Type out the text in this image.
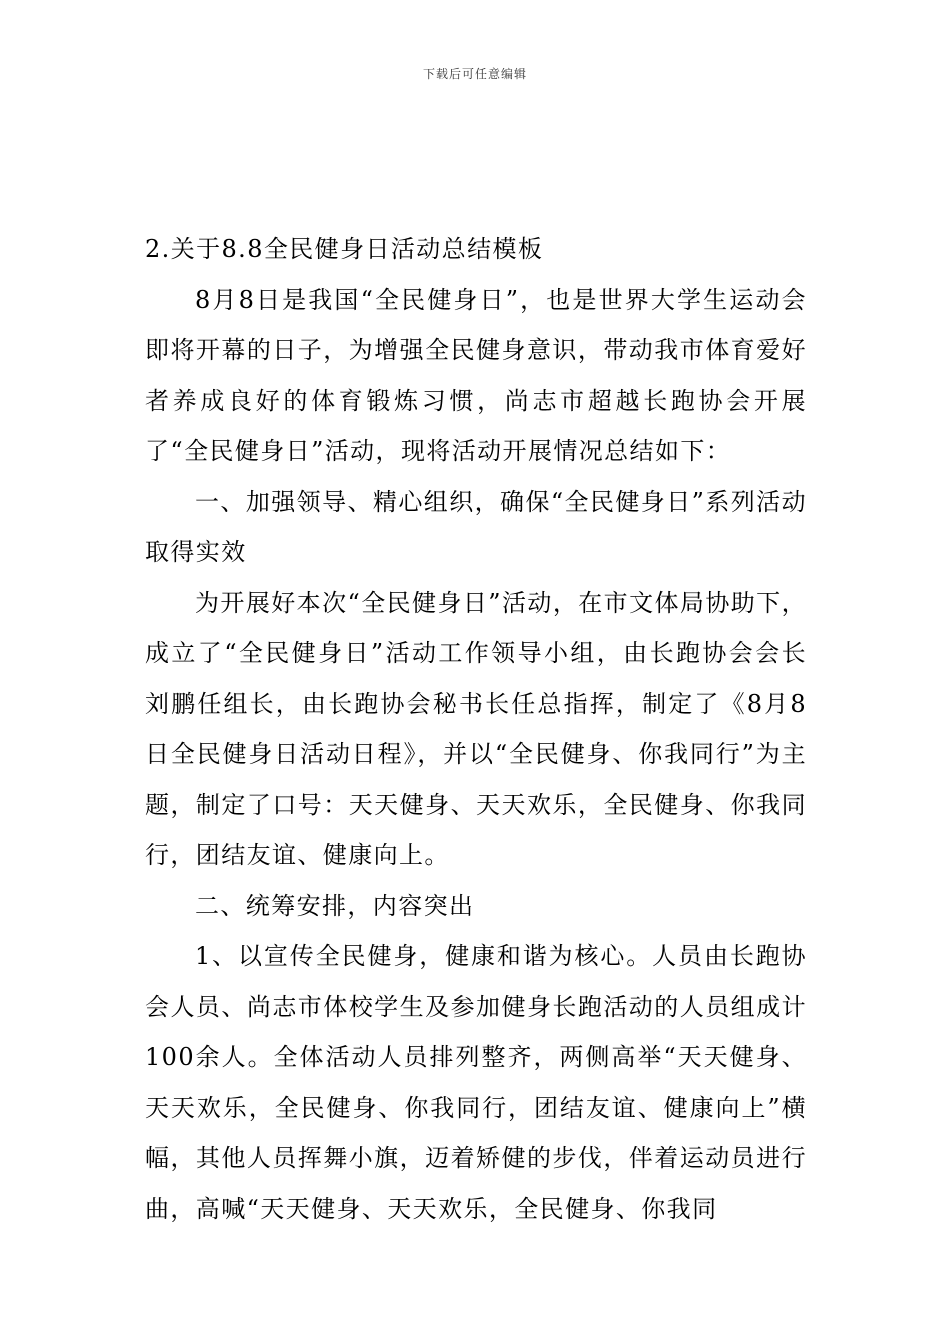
下载后可任意编辑

2.关于8.8全民健身日活动总结模板

8月8日是我国“全民健身日”，也是世界大学生运动会即将开幕的日子，为增强全民健身意识，带动我市体育爱好者养成良好的体育锻炼习惯，尚志市超越长跑协会开展了“全民健身日”活动，现将活动开展情况总结如下：

一、加强领导、精心组织，确保“全民健身日”系列活动取得实效

为开展好本次“全民健身日”活动，在市文体局协助下，成立了“全民健身日”活动工作领导小组，由长跑协会会长刘鹏任组长，由长跑协会秘书长任总指挥，制定了《8月8日全民健身日活动日程》，并以“全民健身、你我同行”为主题，制定了口号：天天健身、天天欢乐，全民健身、你我同行，团结友谊、健康向上。

二、统筹安排，内容突出

1、以宣传全民健身，健康和谐为核心。人员由长跑协会人员、尚志市体校学生及参加健身长跑活动的人员组成计100余人。全体活动人员排列整齐，两侧高举“天天健身、天天欢乐，全民健身、你我同行，团结友谊、健康向上”横幅，其他人员挥舞小旗，迈着矫健的步伐，伴着运动员进行曲，高喊“天天健身、天天欢乐，全民健身、你我同
